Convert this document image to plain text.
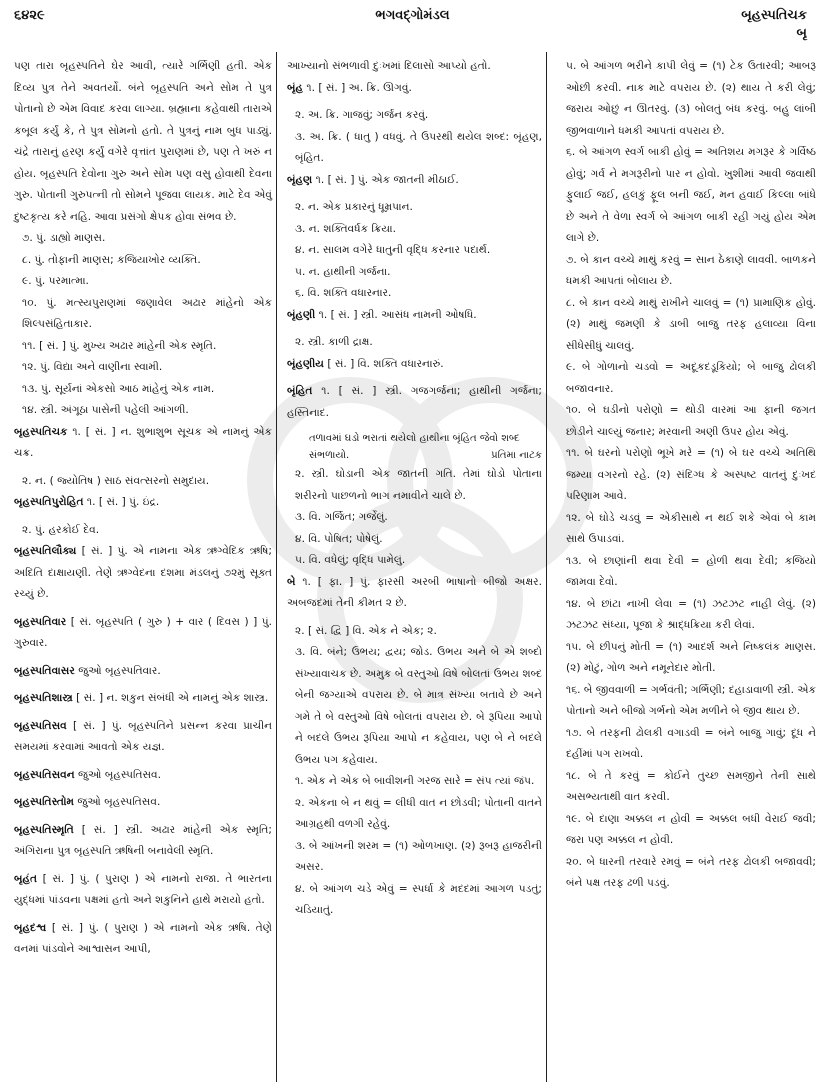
૬૪૨૯	ભગવદ્ગોમંડલ	બૃહસ્પતિચક
બૃ
પણ તારા બૃહસ્પતિને ઘેર આવી, ત્યારે ગર્ભિણી હતી. એક દિવ્ય પુત્ર તેને અવતર્યો. બંને બૃહસ્પતિ અને સોમ તે પુત્ર પોતાનો છે એમ વિવાદ કરવા લાગ્યા. બ્રહ્માના કહેવાથી તારાએ કબૂલ કર્યું કે, તે પુત્ર સોમનો હતો. તે પુત્રનું નામ બુધ પાડ્યું. ચંદ્રે તારાનું હરણ કર્યું વગેરે વૃત્તાંત પુરાણમાં છે, પણ તે ખરું ન હોય. બૃહસ્પતિ દેવોના ગુરુ અને સોમ પણ વસુ હોવાથી દેવના ગુરુ. પોતાની ગુરુપત્ની તો સોમને પૂજવા લાયક. માટે દેવ એવું દુષ્ટકૃત્ય કરે નહિ. આવા પ્રસંગો ક્ષેપક હોવા સંભવ છે.
૭. પું. ડાહ્યો માણસ.
૮. પું. તોફાની માણસ; કજિયાખોર વ્યક્તિ.
૯. પું. પરમાત્મા.
૧૦. પું. મત્સ્યપુરાણમાં જણાવેલ અઢાર માંહેનો એક શિલ્પસંહિતાકાર.
૧૧. [ સં. ] પું. મુખ્ય અઢાર માંહેની એક સ્મૃતિ.
૧૨. પું. વિદ્યા અને વાણીના સ્વામી.
૧૩. પું. સૂર્યનાં એકસો આઠ માંહેનું એક નામ.
૧૪. સ્ત્રી. અંગૂઠા પાસેની પહેલી આંગળી.
બૃહસ્પતિચક ૧. [ સં. ] ન. શુભાશુભ સૂચક એ નામનું એક ચક્ર.
૨. ન. ( જ્યોતિષ ) સાઠ સંવત્સરનો સમુદાય.
બૃહસ્પતિપુરોહિત ૧. [ સં. ] પું. ઇંદ્ર.
૨. પું. હરકોઈ દેવ.
બૃહસ્પતિલૌક્ય [ સં. ] પું. એ નામના એક ઋગ્વેદિક ઋષિ; અદિતિ દાક્ષાયણી. તેણે ઋગ્વેદના દશમા મંડલનું ૭૨મું સૂક્ત રચ્યું છે.
બૃહસ્પતિવાર [ સં. બૃહસ્પતિ ( ગુરુ ) + વાર ( દિવસ ) ] પું. ગુરુવાર.
બૃહસ્પતિવાસર જુઓ બૃહસ્પતિવાર.
બૃહસ્પતિશાસ્ત્ર [ સં. ] ન. શકુન સંબંધી એ નામનું એક શાસ્ત્ર.
બૃહસ્પતિસવ [ સં. ] પું. બૃહસ્પતિને પ્રસન્ન કરવા પ્રાચીન સમયમાં કરવામાં આવતો એક યજ્ઞ.
બૃહસ્પતિસવન જુઓ બૃહસ્પતિસવ.
બૃહસ્પતિસ્તોમ જુઓ બૃહસ્પતિસવ.
બૃહસ્પતિસ્મૃતિ [ સં. ] સ્ત્રી. અઢાર માંહેની એક સ્મૃતિ; અંગિરાના પુત્ર બૃહસ્પતિ ઋષિની બનાવેલી સ્મૃતિ.
બૃહંત [ સં. ] પું. ( પુરાણ ) એ નામનો રાજા. તે ભારતના યુદ્ધમાં પાંડવના પક્ષમાં હતો અને શકુનિને હાથે મરાયો હતો.
બૃહદશ્વ [ સં. ] પું. ( પુરાણ ) એ નામનો એક ઋષિ. તેણે વનમાં પાંડવોને આશ્વાસન આપી,
આખ્યાનો સંભળાવી દુઃખમાં દિલાસો આપ્યો હતો.
બૃંહ ૧. [ સં. ] અ. ક્રિ. ઊગવું.
૨. અ. ક્રિ. ગાજવું; ગર્જન કરવું.
૩. અ. ક્રિ. ( ધાતુ ) વધવું. તે ઉપરથી થયેલ શબ્દ: બૃંહણ, બૃંહિત.
બૃંહણ ૧. [ સં. ] પું. એક જાતની મીઠાઈ.
૨. ન. એક પ્રકારનું ધૂમ્રપાન.
૩. ન. શક્તિવર્ધક ક્રિયા.
૪. ન. સાલમ વગેરે ધાતુની વૃદ્ધિ કરનાર પદાર્થ.
૫. ન. હાથીની ગર્જના.
૬. વિ. શક્તિ વધારનાર.
બૃંહણી ૧. [ સં. ] સ્ત્રી. આસંધ નામની ઓષધિ.
૨. સ્ત્રી. કાળી દ્રાક્ષ.
બૃંહણીય [ સં. ] વિ. શક્તિ વધારનારું.
બૃંહિત ૧. [ સં. ] સ્ત્રી. ગજગર્જના; હાથીની ગર્જના; હસ્તિનાદ.
તળાવમાં ઘડો ભરાતાં થયેલો હાથીના બૃંહિત જેવો શબ્દ સંભળાયો.	પ્રતિમા નાટક
૨. સ્ત્રી. ઘોડાની એક જાતની ગતિ. તેમાં ઘોડો પોતાના શરીરનો પાછળનો ભાગ નમાવીને ચાલે છે.
૩. વિ. ગર્જિત; ગર્જેલું.
૪. વિ. પોષિત; પોષેલું.
૫. વિ. વધેલું; વૃદ્ધિ પામેલું.
બે ૧. [ ફા. ] પું. ફારસી અરબી ભાષાનો બીજો અક્ષર. અબજદમાં તેની કીમત ૨ છે.
૨. [ સં. દ્વિ ] વિ. એક ને એક; ૨.
૩. વિ. બંને; ઉભય; દ્વય; જોડ. ઉભય અને બે એ શબ્દો સંખ્યાવાચક છે. અમુક બે વસ્તુઓ વિષે બોલતાં ઉભય શબ્દ બેની જગ્યાએ વપરાય છે. બે માત્ર સંખ્યા બતાવે છે અને ગમે તે બે વસ્તુઓ વિષે બોલતાં વપરાય છે. બે રૂપિયા આપો ને બદલે ઉભય રૂપિયા આપો ન કહેવાય, પણ બે ને બદલે ઉભય પગ કહેવાય.
૧. એક ને એક બે બાવીશની ગરજ સારે = સંપ ત્યાં જંપ.
૨. એકના બે ન થવું = લીધી વાત ન છોડવી; પોતાની વાતને આગ્રહથી વળગી રહેવું.
૩. બે આંખની શરમ = (૧) ઓળખાણ. (૨) રૂબરૂ હાજરીની અસર.
૪. બે આંગળ ચડે એવું = સ્પર્ધા કે મદદમાં આગળ પડતું; ચડિયાતું.
૫. બે આંગળ ભરીને કાપી લેવું = (૧) ટેક ઉતારવી; આબરૂ ઓછી કરવી. નાક માટે વપરાય છે. (૨) થાય તે કરી લેવું; જરાય ઓછું ન ઊતરવું. (૩) બોલતું બંધ કરવું. બહુ લાંબી જીભવાળાને ધમકી આપતાં વપરાય છે.
૬. બે આંગળ સ્વર્ગ બાકી હોવું = અતિશય મગરૂર કે ગર્વિષ્ઠ હોવું; ગર્વ ને મગરૂરીનો પાર ન હોવો. ખુશીમાં આવી જવાથી ફુલાઈ જઈ, હલકું ફૂલ બની જઈ, મન હવાઈ કિલ્લા બાંધે છે અને તે વેળા સ્વર્ગ બે આંગળ બાકી રહી ગયું હોય એમ લાગે છે.
૭. બે કાન વચ્ચે માથું કરવું = સાન ઠેકાણે લાવવી. બાળકને ધમકી આપતાં બોલાય છે.
૮. બે કાન વચ્ચે માથું રાખીને ચાલવું = (૧) પ્રામાણિક હોવું. (૨) માથું જમણી કે ડાબી બાજુ તરફ હલાવ્યા વિના સીધેસીધું ચાલવું.
૯. બે ગોળાનો ચડવો = અદૂકદડૂકિયો; બે બાજુ ઢોલકી બજાવનાર.
૧૦. બે ઘડીનો પરોણો = થોડી વારમાં આ ફાની જગત છોડીને ચાલ્યું જનાર; મરવાની અણી ઉપર હોય એવું.
૧૧. બે ઘરનો પરોણો ભૂખે મરે = (૧) બે ઘર વચ્ચે અતિથિ જમ્યા વગરનો રહે. (૨) સંદિગ્ધ કે અસ્પષ્ટ વાતનું દુઃખદ પરિણામ આવે.
૧૨. બે ઘોડે ચડવું = એકીસાથે ન થઈ શકે એવાં બે કામ સાથે ઉપાડવાં.
૧૩. બે છાણાંની થવા દેવી = હોળી થવા દેવી; કજિયો જામવા દેવો.
૧૪. બે છાંટા નાખી લેવા = (૧) ઝટઝટ નાહી લેવું. (૨) ઝટઝટ સંધ્યા, પૂજા કે શ્રાદ્ધક્રિયા કરી લેવાં.
૧૫. બે છીપનું મોતી = (૧) આદર્શ અને નિષ્કલંક માણસ. (૨) મોટું, ગોળ અને નમૂનેદાર મોતી.
૧૬. બે જીવવાળી = ગર્ભવંતી; ગર્ભિણી; દહાડાવાળી સ્ત્રી. એક પોતાનો અને બીજો ગર્ભનો એમ મળીને બે જીવ થાય છે.
૧૭. બે તરફની ઢોલકી વગાડવી = બંને બાજુ ગાવું; દૂધ ને દહીંમાં પગ રાખવો.
૧૮. બે તે કરવું = કોઈને તુચ્છ સમજીને તેની સાથે અસભ્યતાથી વાત કરવી.
૧૯. બે દાણા અક્કલ ન હોવી = અક્કલ બધી વેરાઈ જવી; જરા પણ અક્કલ ન હોવી.
૨૦. બે ધારની તરવારે રમવું = બંને તરફ ઢોલકી બજાવવી; બંને પક્ષ તરફ ઢળી પડવું.
